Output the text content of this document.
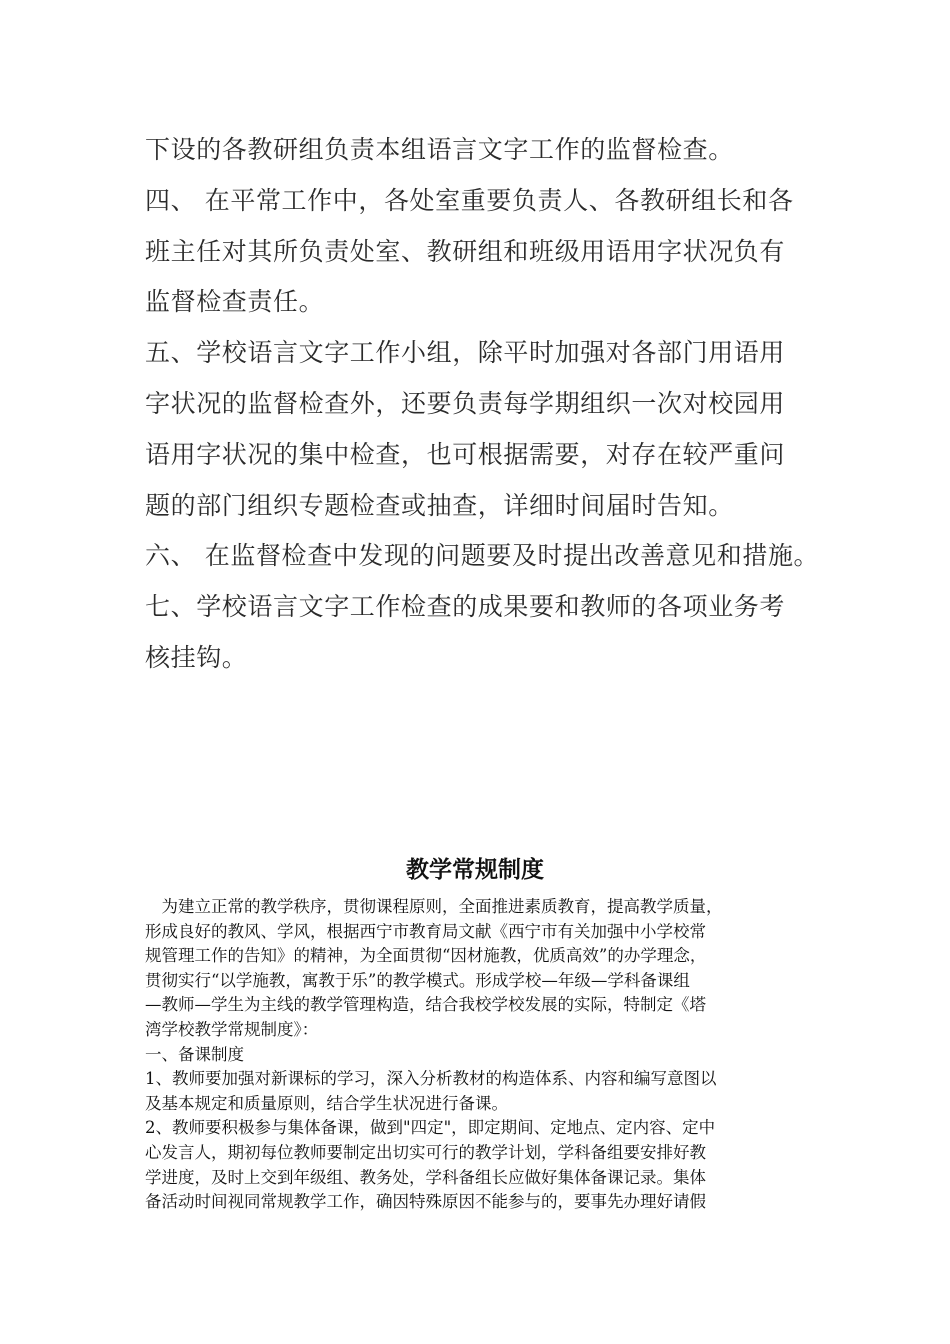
下设的各教研组负责本组语言文字工作的监督检查。
四、 在平常工作中，各处室重要负责人、各教研组长和各
班主任对其所负责处室、教研组和班级用语用字状况负有
监督检查责任。
五、学校语言文字工作小组，除平时加强对各部门用语用
字状况的监督检查外，还要负责每学期组织一次对校园用
语用字状况的集中检查，也可根据需要，对存在较严重问
题的部门组织专题检查或抽查，详细时间届时告知。
六、 在监督检查中发现的问题要及时提出改善意见和措施。
七、学校语言文字工作检查的成果要和教师的各项业务考
核挂钩。
教学常规制度
　为建立正常的教学秩序，贯彻课程原则，全面推进素质教育，提高教学质量，
形成良好的教风、学风，根据西宁市教育局文献《西宁市有关加强中小学校常
规管理工作的告知》的精神，为全面贯彻“因材施教，优质高效”的办学理念，
贯彻实行“以学施教，寓教于乐”的教学模式。形成学校—年级—学科备课组
—教师—学生为主线的教学管理构造，结合我校学校发展的实际，特制定《塔
湾学校教学常规制度》：
一、备课制度
1、教师要加强对新课标的学习，深入分析教材的构造体系、内容和编写意图以
及基本规定和质量原则，结合学生状况进行备课。
2、教师要积极参与集体备课，做到"四定"，即定期间、定地点、定内容、定中
心发言人，期初每位教师要制定出切实可行的教学计划，学科备组要安排好教
学进度，及时上交到年级组、教务处，学科备组长应做好集体备课记录。集体
备活动时间视同常规教学工作，确因特殊原因不能参与的，要事先办理好请假
